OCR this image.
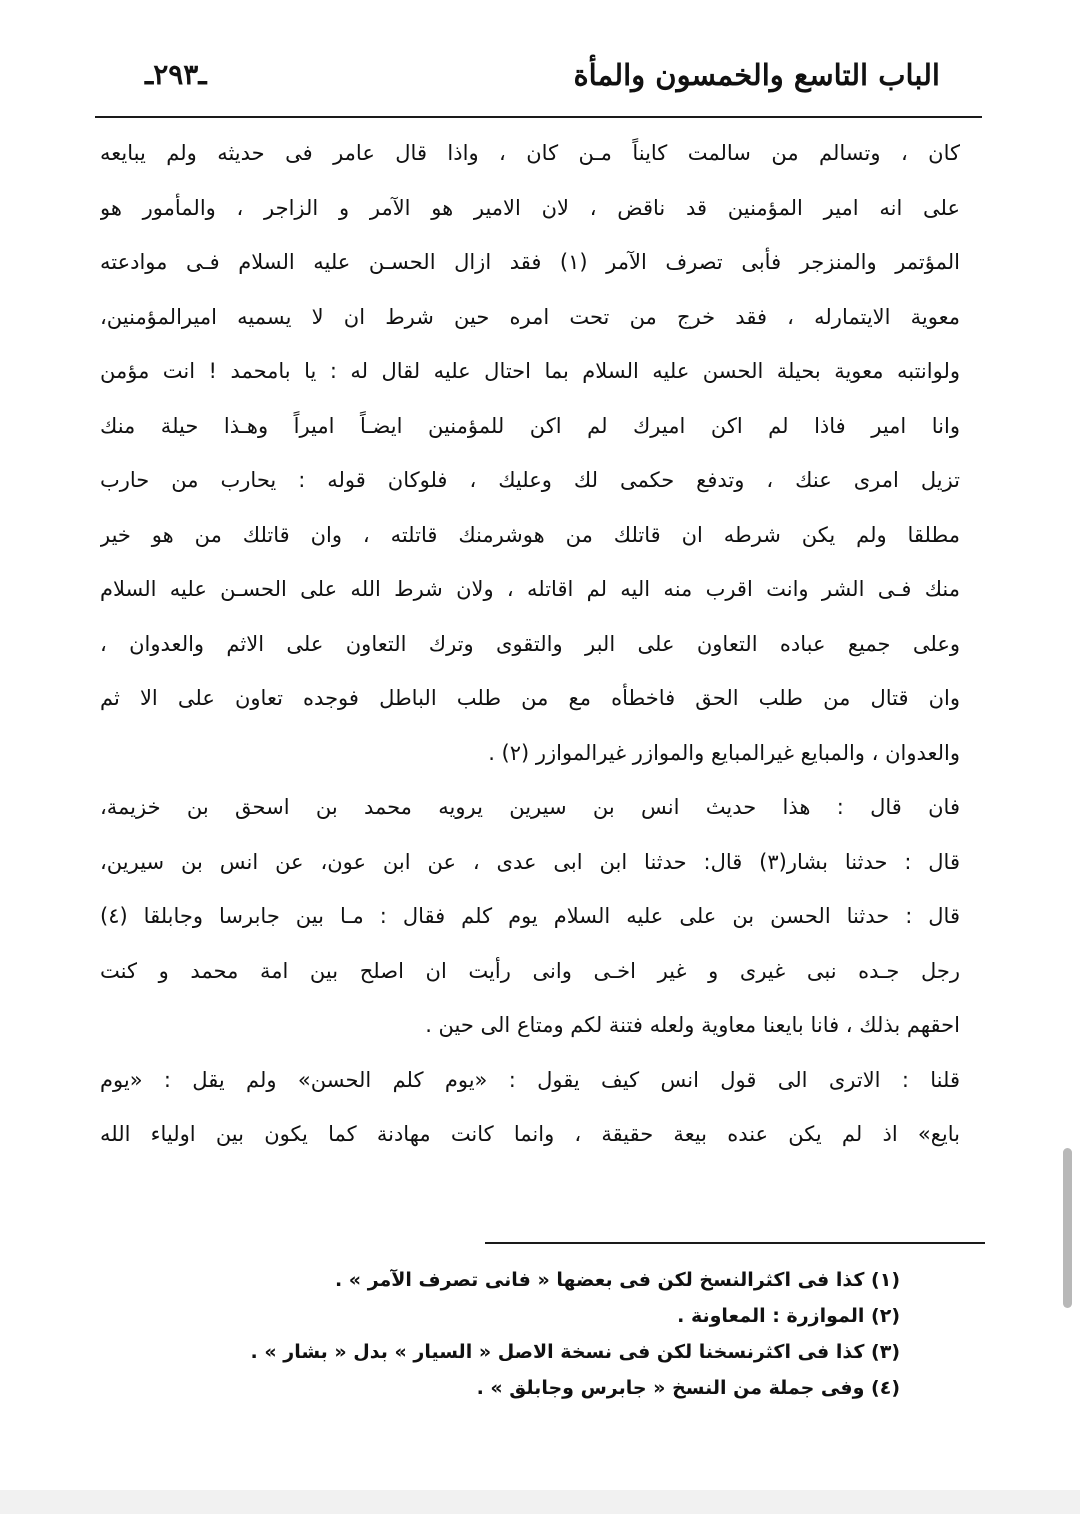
الباب التاسع والخمسون والمأة
ـ٢٩٣ـ
كان ، وتسالم من سالمت كايناً مـن كان ، واذا قال عامر فى حديثه ولم يبايعه
على انه امير المؤمنين قد ناقض ، لان الامير هو الآمر و الزاجر ، والمأمور هو
المؤتمر والمنزجر فأبى تصرف الآمر (١) فقد ازال الحسـن عليه السلام فـى موادعته
معوية الايتمارله ، فقد خرج من تحت امره حين شرط ان لا يسميه اميرالمؤمنين،
ولوانتبه معوية بحيلة الحسن عليه السلام بما احتال عليه لقال له : يا بامحمد ! انت مؤمن
وانا امير فاذا لم اكن اميرك لم اكن للمؤمنين ايضـاً اميراً وهـذا حيلة منك
تزيل امرى عنك ، وتدفع حكمى لك وعليك ، فلوكان قوله : يحارب من حارب
مطلقا ولم يكن شرطه ان قاتلك من هوشرمنك قاتلته ، وان قاتلك من هو خير
منك فـى الشر وانت اقرب منه اليه لم اقاتله ، ولان شرط الله على الحسـن عليه السلام
وعلى جميع عباده التعاون على البر والتقوى وترك التعاون على الاثم والعدوان ،
وان قتال من طلب الحق فاخطأه مع من طلب الباطل فوجده تعاون على الا ثم
والعدوان ، والمبايع غيرالمبايع والموازر غيرالموازر (٢) .
فان قال : هذا حديث انس بن سيرين يرويه محمد بن اسحق بن خزيمة،
قال : حدثنا بشار(٣) قال: حدثنا ابن ابى عدى ، عن ابن عون، عن انس بن سيرين،
قال : حدثنا الحسن بن على عليه السلام يوم كلم فقال : مـا بين جابرسا وجابلقا (٤)
رجل جـده نبى غيرى و غير اخـى وانى رأيت ان اصلح بين امة محمد و كنت
احقهم بذلك ، فانا بايعنا معاوية ولعله فتنة لكم ومتاع الى حين .
قلنا : الاترى الى قول انس كيف يقول : «يوم كلم الحسن» ولم يقل : «يوم
بايع» اذ لم يكن عنده بيعة حقيقة ، وانما كانت مهادنة كما يكون بين اولياء الله
(١) كذا فى اكثرالنسخ لكن فى بعضها « فانى تصرف الآمر » .
(٢) الموازرة : المعاونة .
(٣) كذا فى اكثرنسخنا لكن فى نسخة الاصل « السيار » بدل « بشار » .
(٤) وفى جملة من النسخ « جابرس وجابلق » .
